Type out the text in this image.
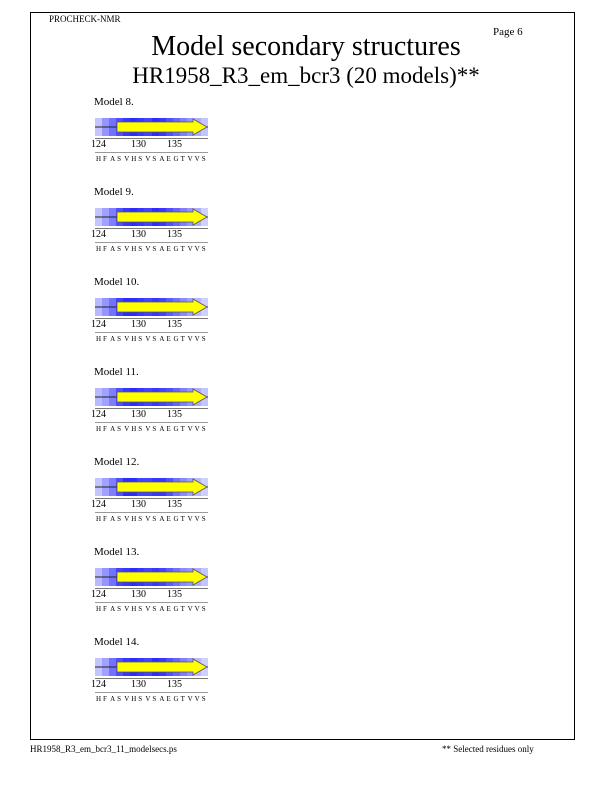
PROCHECK-NMR
Page 6
Model secondary structures
HR1958_R3_em_bcr3 (20 models)**
Model 8.
124	130 135
H F A S V H S V S A E G T V V S
Model 9.
124	130 135
H F A S V H S V S A E G T V V S
Model 10.
124	130 135
H F A S V H S V S A E G T V V S
Model 11.
124	130 135
H F A S V H S V S A E G T V V S
Model 12.
124	130 135
H F A S V H S V S A E G T V V S
Model 13.
124	130 135
H F A S V H S V S A E G T V V S
Model 14.
124	130 135
H F A S V H S V S A E G T V V S
HR1958_R3_em_bcr3_11_modelsecs.ps	** Selected residues only
